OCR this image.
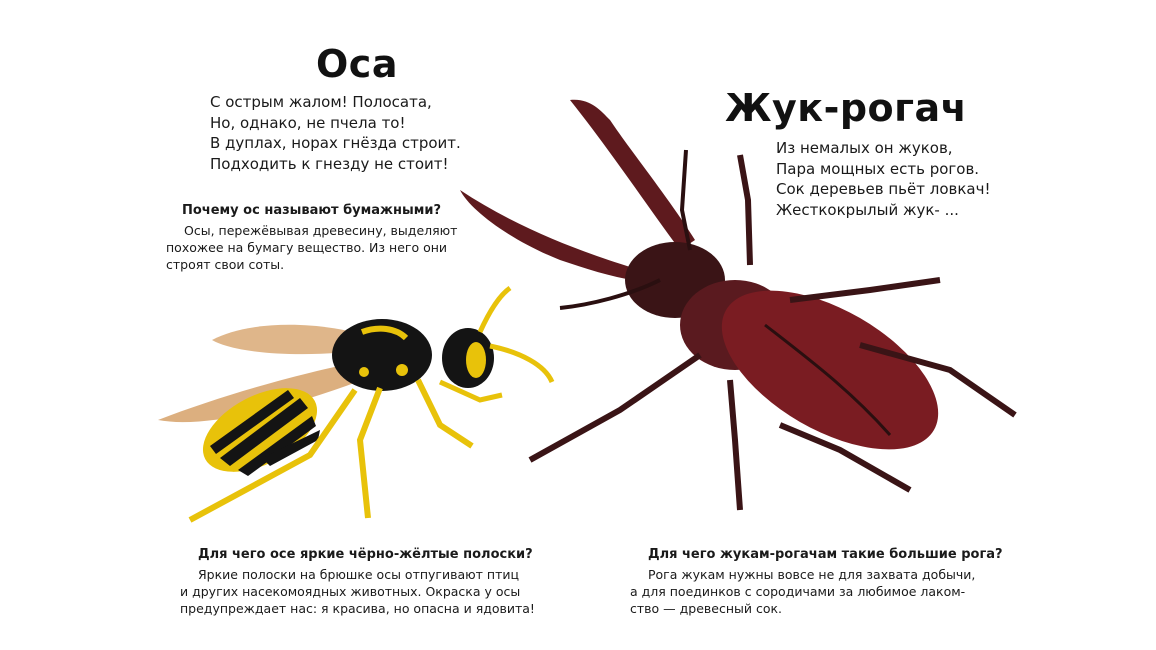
Оса
С острым жалом! Полосата,
Но, однако, не пчела то!
В дуплах, норах гнёзда строит.
Подходить к гнезду не стоит!
Почему ос называют бумажными?
Осы, пережёвывая древесину, выделяют
похожее на бумагу вещество. Из него они
строят свои соты.
Для чего осе яркие чёрно-жёлтые полоски?
Яркие полоски на брюшке осы отпугивают птиц
и других насекомоядных животных. Окраска у осы
предупреждает нас: я красива, но опасна и ядовита!
Жук-рогач
Из немалых он жуков,
Пара мощных есть рогов.
Сок деревьев пьёт ловкач!
Жесткокрылый жук- ...
Для чего жукам-рогачам такие большие рога?
Рога жукам нужны вовсе не для захвата добычи,
а для поединков с сородичами за любимое лаком-
ство — древесный сок.
